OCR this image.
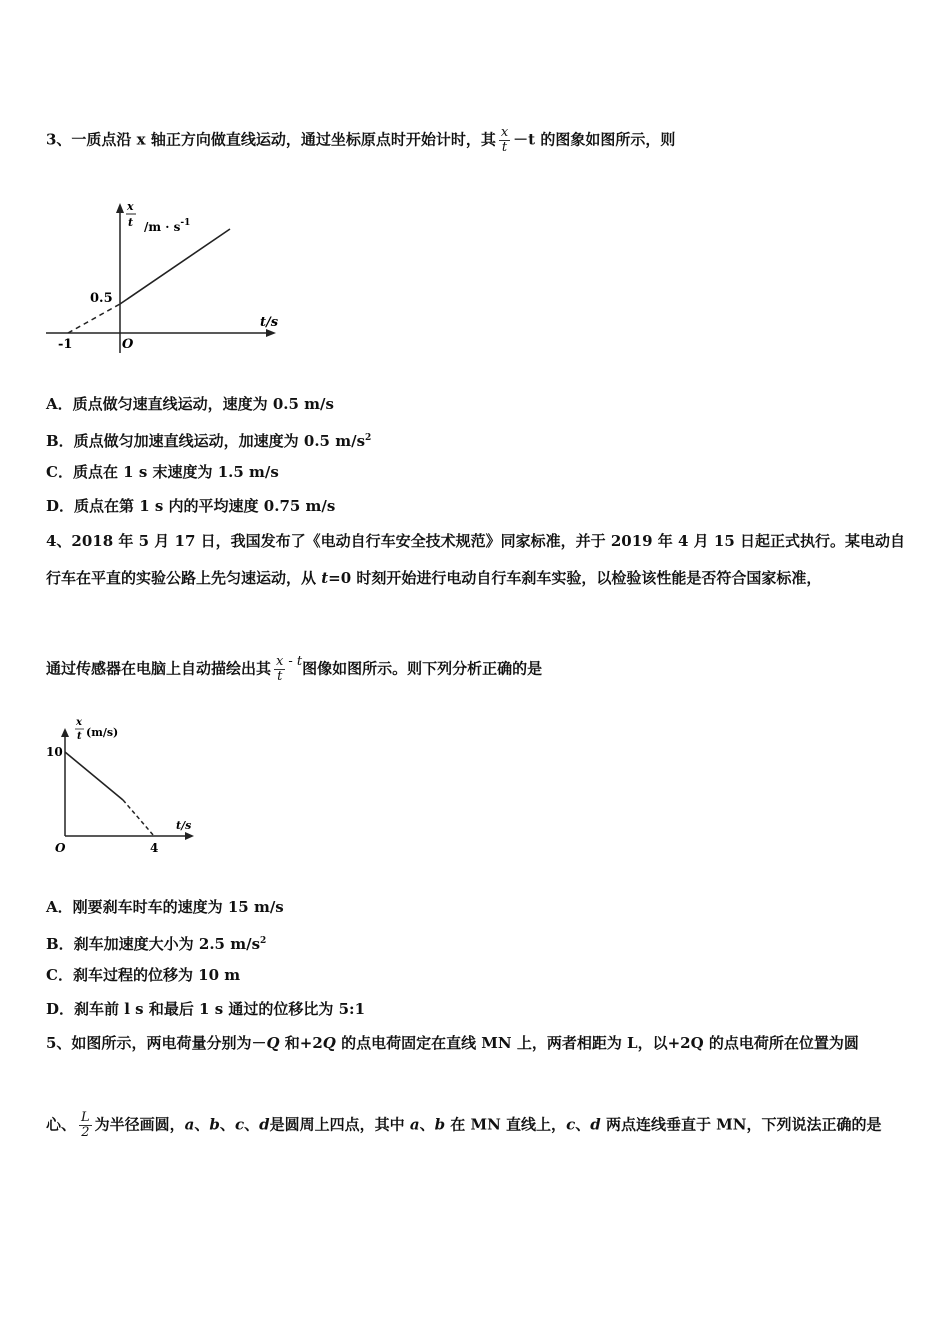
3、一质点沿 x 轴正方向做直线运动，通过坐标原点时开始计时，其 $\frac{x}{t} -t$ 的图象如图所示，则
x
t $/m \cdot s^{-1}$
0.5
t/s
-1	O
A．质点做匀速直线运动，速度为 0.5 m/s
B．质点做匀加速直线运动，加速度为 0.5 $m/s^2$
C．质点在 1 s 末速度为 1.5 m/s
D．质点在第 1 s 内的平均速度 0.75 m/s
4、2018 年 5 月 17 日，我国发布了《电动自行车安全技术规范》同家标准，并于 2019 年 4 月 15 日起正式执行。某电动自
行车在平直的实验公路上先匀速运动，从 t=0 时刻开始进行电动自行车刹车实验，以检验该性能是否符合国家标准，
通过传感器在电脑上自动描绘出其 $\frac{x}{t}$ - t图像如图所示。则下列分析正确的是
x
t (m/s)
10
t/s
4
O
A．刚要刹车时车的速度为 15 m/s
B．刹车加速度大小为 2.5 $m/s^2$
C．刹车过程的位移为 10 m
D．刹车前 l s 和最后 1 s 通过的位移比为 5:1
5、如图所示，两电荷量分别为－Q 和+2Q 的点电荷固定在直线 MN 上，两者相距为 L，以+2Q 的点电荷所在位置为圆
心、 $\frac{L}{2}$ 为半径画圆，a、b、c、d是圆周上四点，其中 a、b 在 MN 直线上，c、d 两点连线垂直于 MN，下列说法正确的是
